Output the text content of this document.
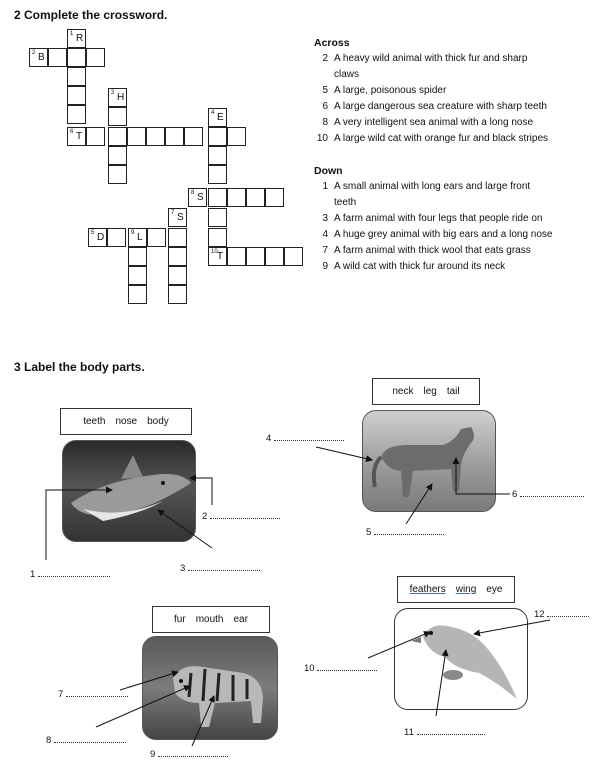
2 Complete the crossword.
1 R
2 B
3 H
4 E
6 T
8 S
7 S
5 D	9 L
10 T
Across
2 A heavy wild animal with thick fur and sharp
claws
5 A large, poisonous spider
6 A large dangerous sea creature with sharp teeth
8 A very intelligent sea animal with a long nose
10 A large wild cat with orange fur and black stripes
Down
1 A small animal with long ears and large front
teeth
3 A farm animal with four legs that people ride on
4 A huge grey animal with big ears and a long nose
7 A farm animal with thick wool that eats grass
9 A wild cat with thick fur around its neck
3 Label the body parts.
teeth nose body
neck leg tail
fur mouth ear
feathers wing eye
1
2
3
4
5
6
7
8
9
10
11
12
